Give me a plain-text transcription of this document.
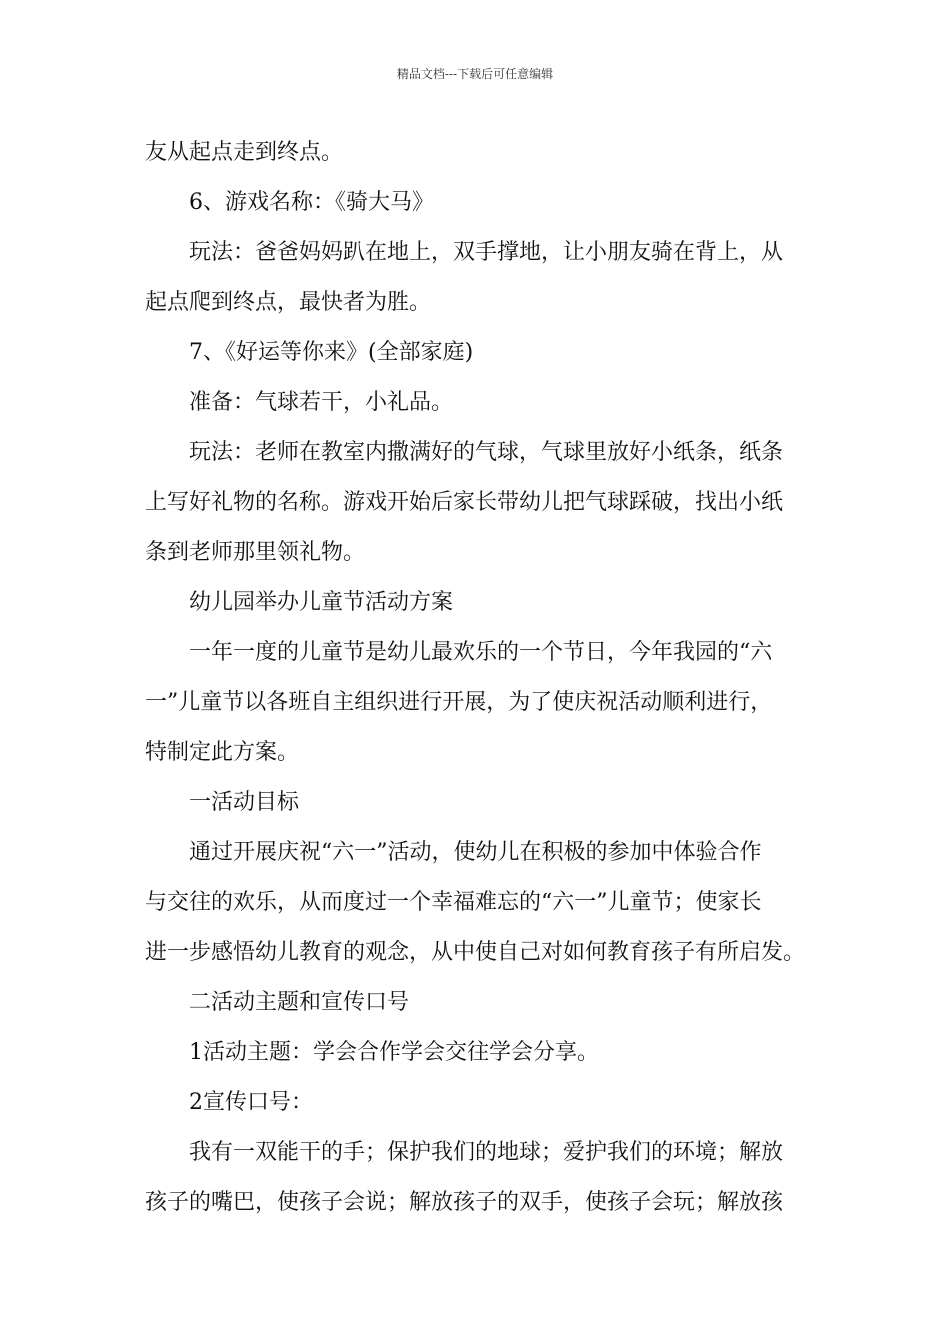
精品文档---下载后可任意编辑
友从起点走到终点。
6、游戏名称：《骑大马》
玩法：爸爸妈妈趴在地上，双手撑地，让小朋友骑在背上，从
起点爬到终点，最快者为胜。
7、《好运等你来》(全部家庭)
准备：气球若干，小礼品。
玩法：老师在教室内撒满好的气球，气球里放好小纸条，纸条
上写好礼物的名称。游戏开始后家长带幼儿把气球踩破，找出小纸
条到老师那里领礼物。
幼儿园举办儿童节活动方案
一年一度的儿童节是幼儿最欢乐的一个节日，今年我园的“六
一”儿童节以各班自主组织进行开展，为了使庆祝活动顺利进行，
特制定此方案。
一活动目标
通过开展庆祝“六一”活动，使幼儿在积极的参加中体验合作
与交往的欢乐，从而度过一个幸福难忘的“六一”儿童节；使家长
进一步感悟幼儿教育的观念，从中使自己对如何教育孩子有所启发。
二活动主题和宣传口号
1活动主题：学会合作学会交往学会分享。
2宣传口号：
我有一双能干的手；保护我们的地球；爱护我们的环境；解放
孩子的嘴巴，使孩子会说；解放孩子的双手，使孩子会玩；解放孩
